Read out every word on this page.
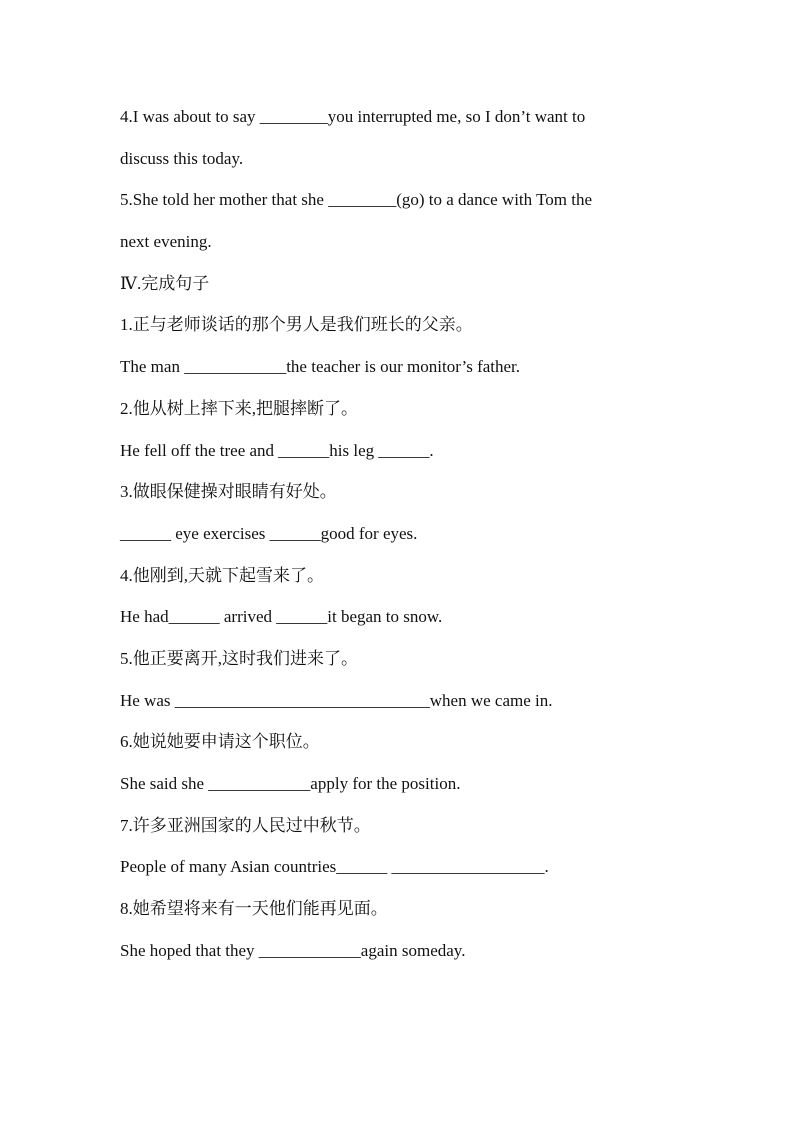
4.I was about to say ________you interrupted me, so I don’t want to
discuss this today.
5.She told her mother that she ________(go) to a dance with Tom the
next evening.
Ⅳ.完成句子
1.正与老师谈话的那个男人是我们班长的父亲。
The man ____________the teacher is our monitor’s father.
2.他从树上摔下来,把腿摔断了。
He fell off the tree and ______his leg ______.
3.做眼保健操对眼睛有好处。
______ eye exercises ______good for eyes.
4.他刚到,天就下起雪来了。
He had______ arrived ______it began to snow.
5.他正要离开,这时我们进来了。
He was ______________________________when we came in.
6.她说她要申请这个职位。
She said she ____________apply for the position.
7.许多亚洲国家的人民过中秋节。
People of many Asian countries______ __________________.
8.她希望将来有一天他们能再见面。
She hoped that they ____________again someday.
